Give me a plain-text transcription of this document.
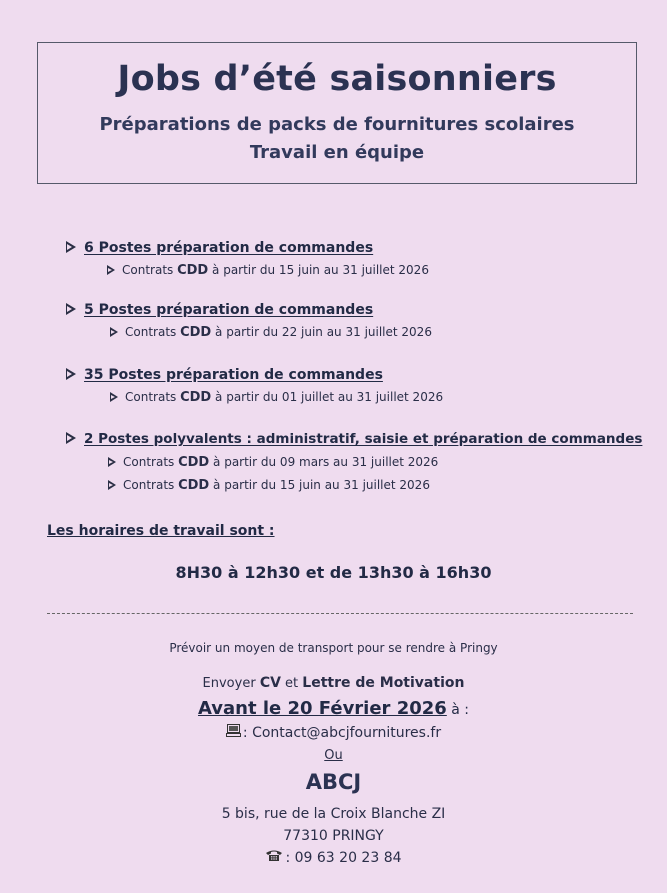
Jobs d’été saisonniers
Préparations de packs de fournitures scolaires
Travail en équipe
6 Postes préparation de commandes
Contrats CDD à partir du 15 juin au 31 juillet 2026
5 Postes préparation de commandes
Contrats CDD à partir du 22 juin au 31 juillet 2026
35 Postes préparation de commandes
Contrats CDD à partir du 01 juillet au 31 juillet 2026
2 Postes polyvalents : administratif, saisie et préparation de commandes
Contrats CDD à partir du 09 mars au 31 juillet 2026
Contrats CDD à partir du 15 juin au 31 juillet 2026
Les horaires de travail sont :
8H30 à 12h30 et de 13h30 à 16h30
Prévoir un moyen de transport pour se rendre à Pringy
Envoyer CV et Lettre de Motivation
Avant le 20 Février 2026 à :
: Contact@abcjfournitures.fr
Ou
ABCJ
5 bis, rue de la Croix Blanche ZI
77310 PRINGY
: 09 63 20 23 84
